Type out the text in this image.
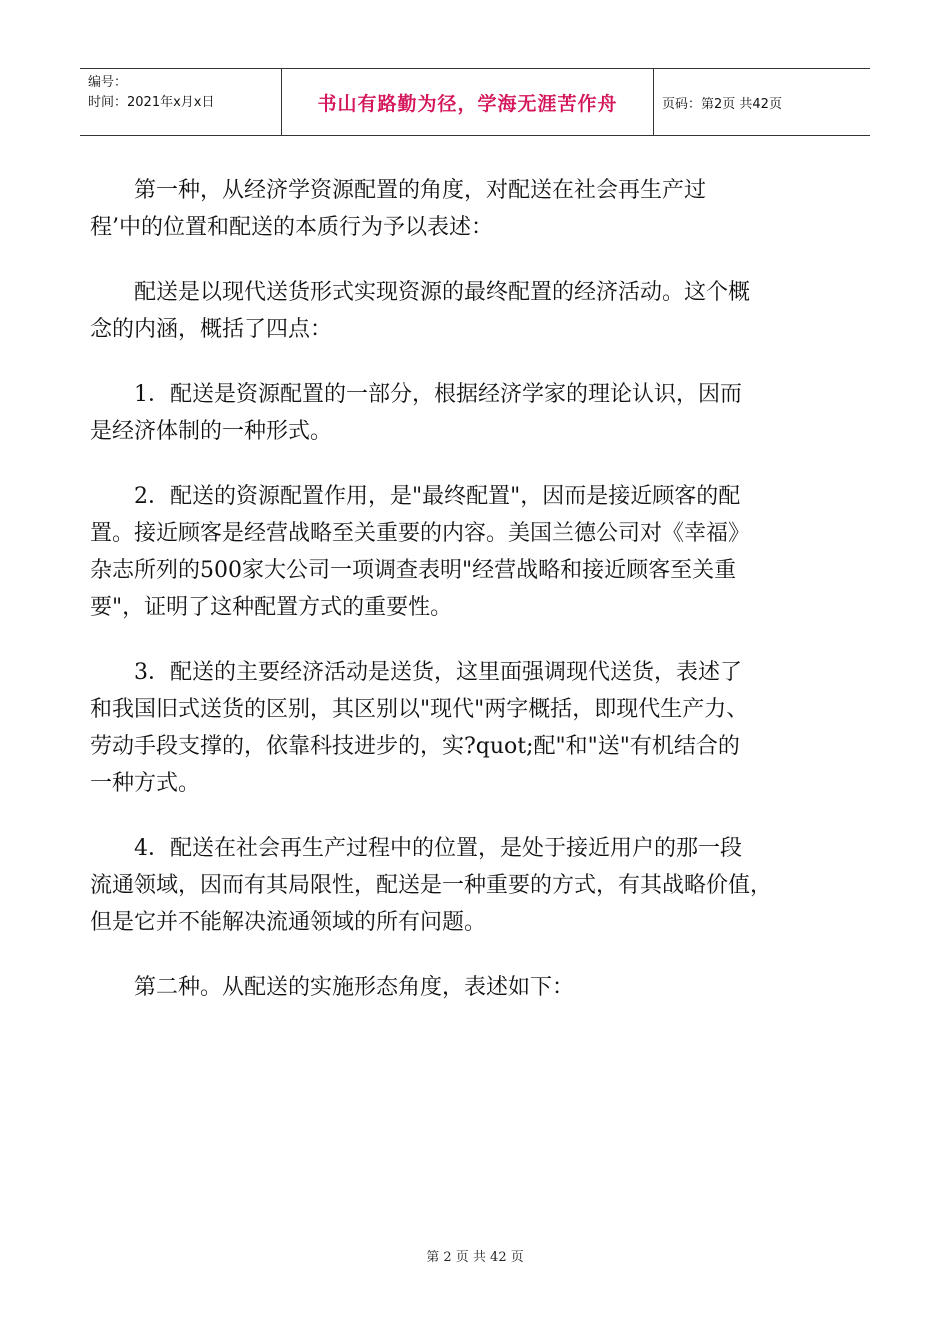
编号：
时间：2021年x月x日	书山有路勤为径，学海无涯苦作舟	页码：第2页 共42页
第一种，从经济学资源配置的角度，对配送在社会再生产过
程’中的位置和配送的本质行为予以表述：
配送是以现代送货形式实现资源的最终配置的经济活动。这个概
念的内涵，概括了四点：
1．配送是资源配置的一部分，根据经济学家的理论认识，因而
是经济体制的一种形式。
2．配送的资源配置作用，是"最终配置"，因而是接近顾客的配
置。接近顾客是经营战略至关重要的内容。美国兰德公司对《幸福》
杂志所列的500家大公司一项调查表明"经营战略和接近顾客至关重
要"，证明了这种配置方式的重要性。
3．配送的主要经济活动是送货，这里面强调现代送货，表述了
和我国旧式送货的区别，其区别以"现代"两字概括，即现代生产力、
劳动手段支撑的，依靠科技进步的，实?quot;配"和"送"有机结合的
一种方式。
4．配送在社会再生产过程中的位置，是处于接近用户的那一段
流通领域，因而有其局限性，配送是一种重要的方式，有其战略价值，
但是它并不能解决流通领域的所有问题。
第二种。从配送的实施形态角度，表述如下：
第 2 页 共 42 页
